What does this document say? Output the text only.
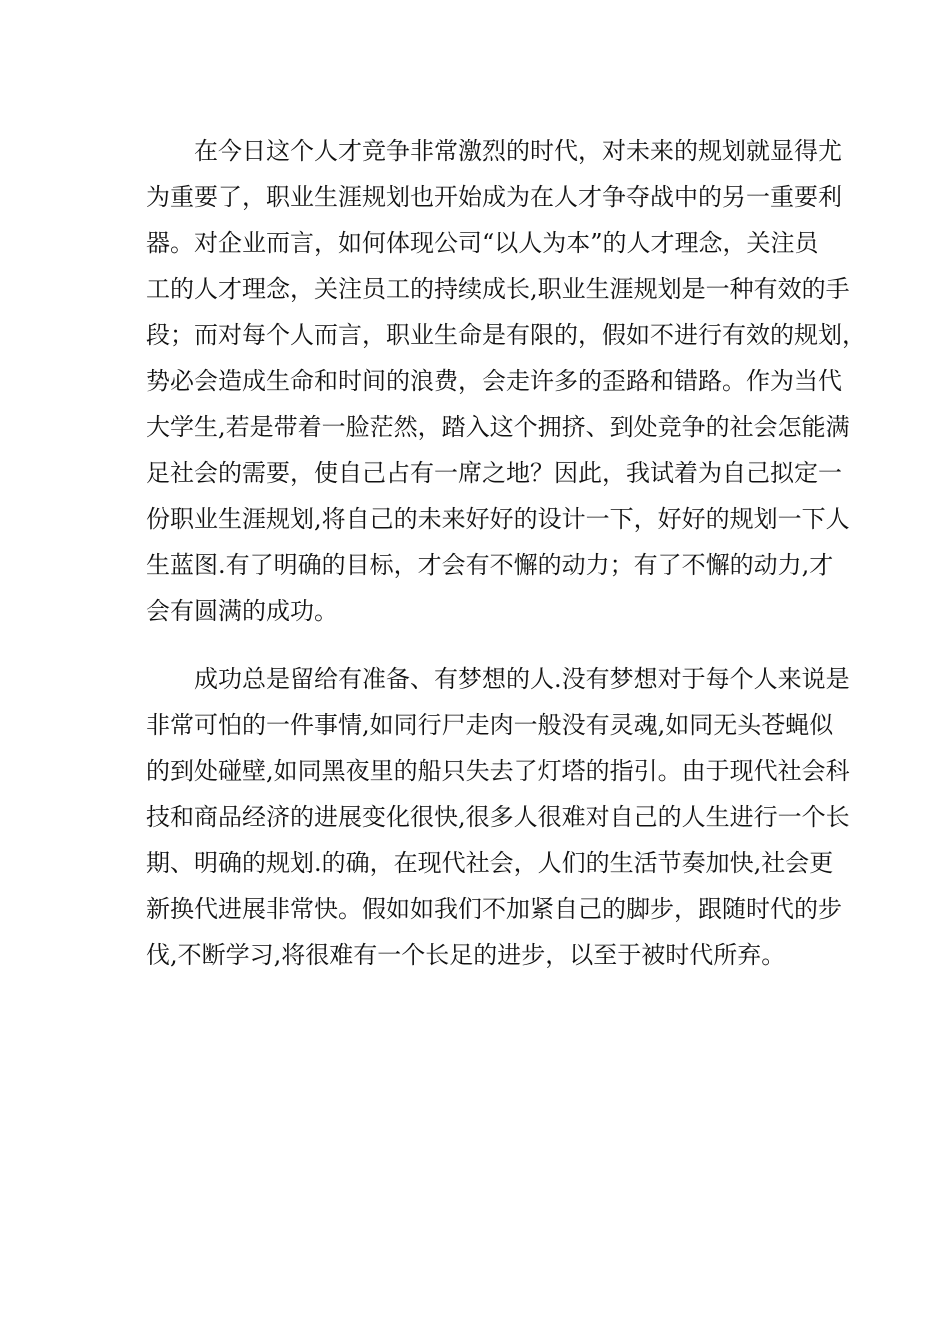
在今日这个人才竞争非常激烈的时代，对未来的规划就显得尤
为重要了，职业生涯规划也开始成为在人才争夺战中的另一重要利
器。对企业而言，如何体现公司“以人为本”的人才理念，关注员
工的人才理念，关注员工的持续成长,职业生涯规划是一种有效的手
段；而对每个人而言，职业生命是有限的，假如不进行有效的规划，
势必会造成生命和时间的浪费，会走许多的歪路和错路。作为当代
大学生,若是带着一脸茫然，踏入这个拥挤、到处竞争的社会怎能满
足社会的需要，使自己占有一席之地？因此，我试着为自己拟定一
份职业生涯规划,将自己的未来好好的设计一下，好好的规划一下人
生蓝图.有了明确的目标，才会有不懈的动力；有了不懈的动力,才
会有圆满的成功。

成功总是留给有准备、有梦想的人.没有梦想对于每个人来说是
非常可怕的一件事情,如同行尸走肉一般没有灵魂,如同无头苍蝇似
的到处碰壁,如同黑夜里的船只失去了灯塔的指引。由于现代社会科
技和商品经济的进展变化很快,很多人很难对自己的人生进行一个长
期、明确的规划.的确，在现代社会，人们的生活节奏加快,社会更
新换代进展非常快。假如如我们不加紧自己的脚步，跟随时代的步
伐,不断学习,将很难有一个长足的进步，以至于被时代所弃。
